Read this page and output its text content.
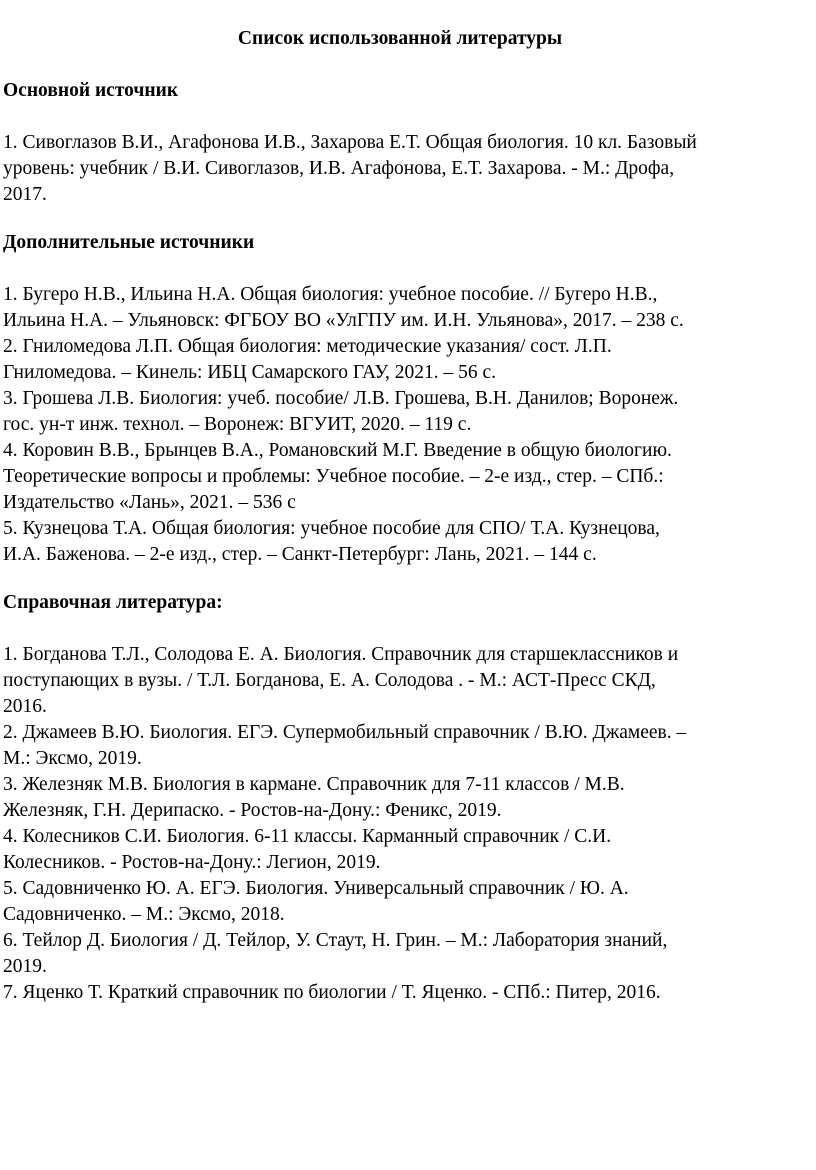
Список использованной литературы
Основной источник
1. Сивоглазов В.И., Агафонова И.В., Захарова Е.Т. Общая биология. 10 кл. Базовый
уровень: учебник / В.И. Сивоглазов, И.В. Агафонова, Е.Т. Захарова. - М.: Дрофа,
2017.
Дополнительные источники
1. Бугеро Н.В., Ильина Н.А. Общая биология: учебное пособие. // Бугеро Н.В.,
Ильина Н.А. – Ульяновск: ФГБОУ ВО «УлГПУ им. И.Н. Ульянова», 2017. – 238 с.
2. Гниломедова Л.П. Общая биология: методические указания/ сост. Л.П.
Гниломедова. – Кинель: ИБЦ Самарского ГАУ, 2021. – 56 с.
3. Грошева Л.В. Биология: учеб. пособие/ Л.В. Грошева, В.Н. Данилов; Воронеж.
гос. ун-т инж. технол. – Воронеж: ВГУИТ, 2020. – 119 с.
4. Коровин В.В., Брынцев В.А., Романовский М.Г. Введение в общую биологию.
Теоретические вопросы и проблемы: Учебное пособие. – 2-е изд., стер. – СПб.:
Издательство «Лань», 2021. – 536 с
5. Кузнецова Т.А. Общая биология: учебное пособие для СПО/ Т.А. Кузнецова,
И.А. Баженова. – 2-е изд., стер. – Санкт-Петербург: Лань, 2021. – 144 с.
Справочная литература:
1. Богданова Т.Л., Солодова Е. А. Биология. Справочник для старшеклассников и
поступающих в вузы. / Т.Л. Богданова, Е. А. Солодова . - М.: АСТ-Пресс СКД,
2016.
2. Джамеев В.Ю. Биология. ЕГЭ. Супермобильный справочник / В.Ю. Джамеев. –
М.: Эксмо, 2019.
3. Железняк М.В. Биология в кармане. Справочник для 7-11 классов / М.В.
Железняк, Г.Н. Дерипаско. - Ростов-на-Дону.: Феникс, 2019.
4. Колесников С.И. Биология. 6-11 классы. Карманный справочник / С.И.
Колесников. - Ростов-на-Дону.: Легион, 2019.
5. Садовниченко Ю. А. ЕГЭ. Биология. Универсальный справочник / Ю. А.
Садовниченко. – М.: Эксмо, 2018.
6. Тейлор Д. Биология / Д. Тейлор, У. Стаут, Н. Грин. – М.: Лаборатория знаний,
2019.
7. Яценко Т. Краткий справочник по биологии / Т. Яценко. - СПб.: Питер, 2016.
